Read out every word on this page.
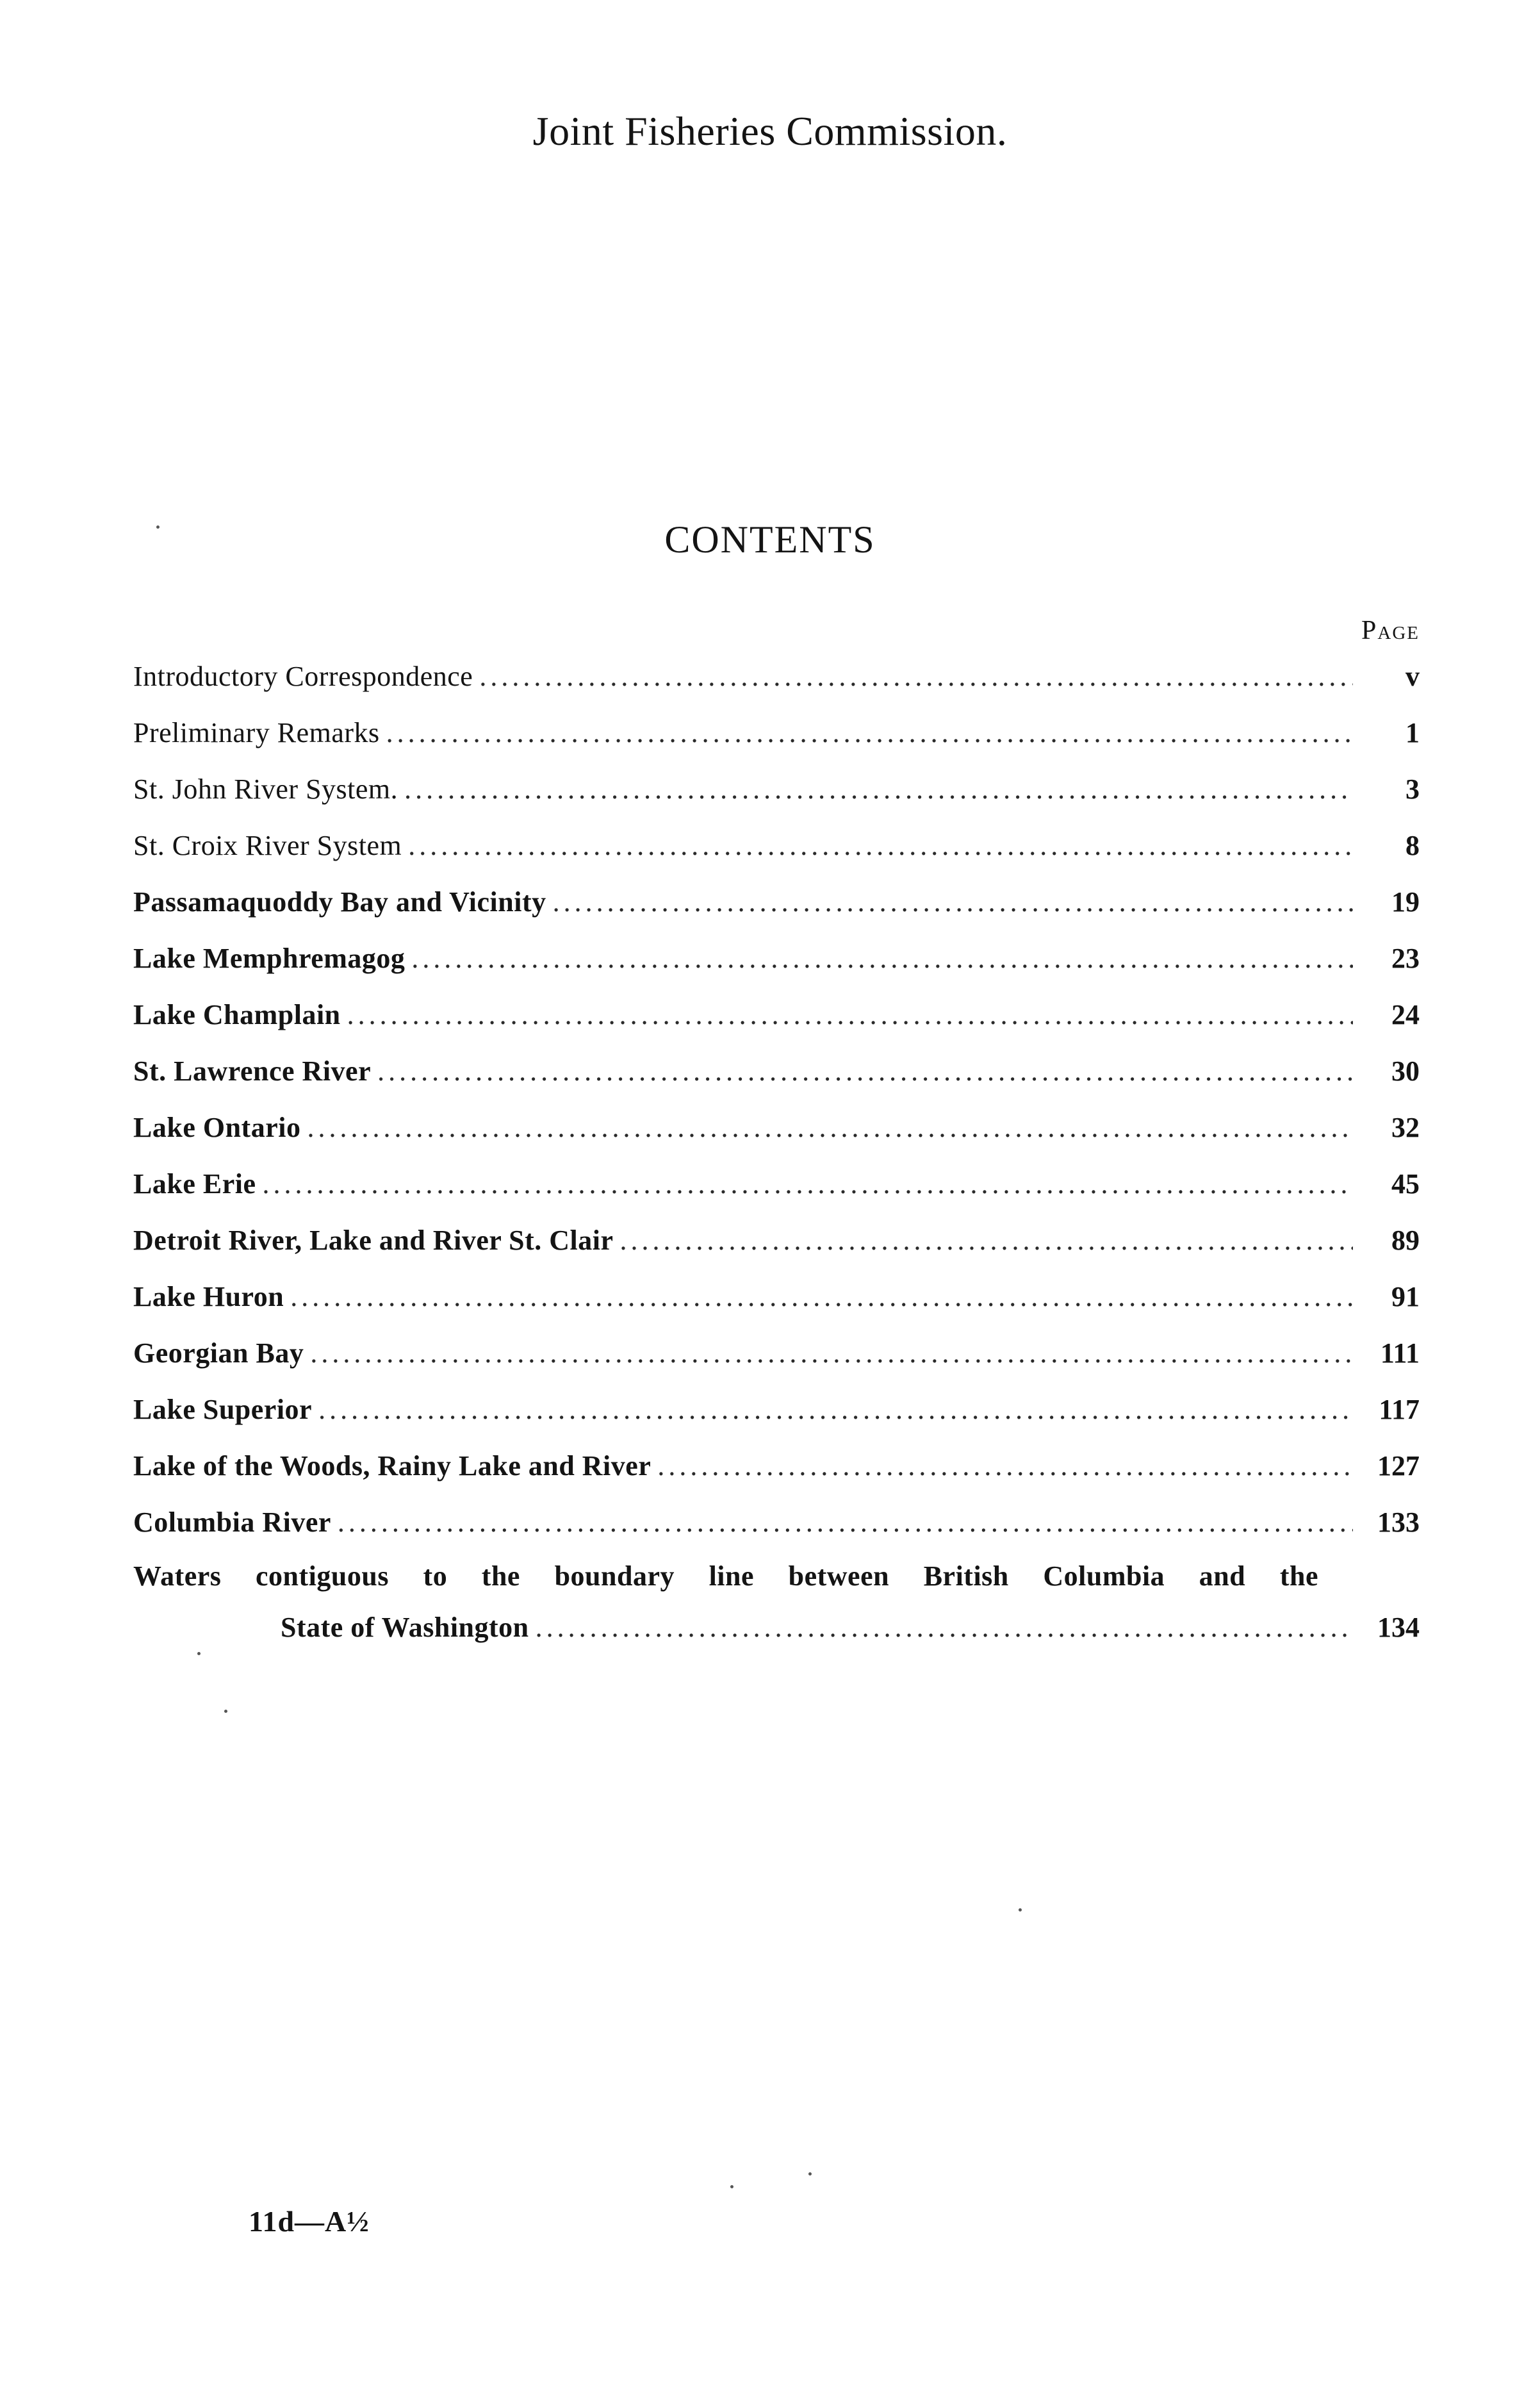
Joint Fisheries Commission.
CONTENTS
Page
Introductory Correspondence .....	v
Preliminary Remarks .....	1
St. John River System. .....	3
St. Croix River System .....	8
Passamaquoddy Bay and Vicinity .....	19
Lake Memphremagog .....	23
Lake Champlain .....	24
St. Lawrence River .....	30
Lake Ontario .....	32
Lake Erie .....	45
Detroit River, Lake and River St. Clair .....	89
Lake Huron .....	91
Georgian Bay .....	111
Lake Superior .....	117
Lake of the Woods, Rainy Lake and River .....	127
Columbia River .....	133
Waters contiguous to the boundary line between British Columbia and the
State of Washington .....	134
11d—A½
